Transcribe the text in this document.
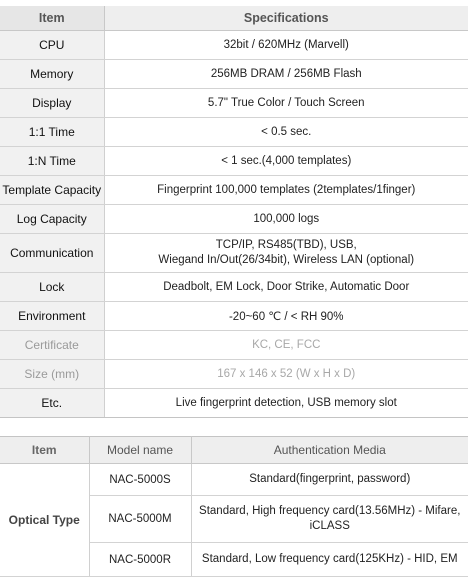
Item	Specifications
CPU	32bit / 620MHz (Marvell)
Memory	256MB DRAM / 256MB Flash
Display	5.7" True Color / Touch Screen
1:1 Time	< 0.5 sec.
1:N Time	< 1 sec.(4,000 templates)
Template Capacity	Fingerprint 100,000 templates (2templates/1finger)
Log Capacity	100,000 logs
Communication	TCP/IP, RS485(TBD), USB,
Wiegand In/Out(26/34bit), Wireless LAN (optional)
Lock	Deadbolt, EM Lock, Door Strike, Automatic Door
Environment	-20~60 ℃ / < RH 90%
Certificate	KC, CE, FCC
Size (mm)	167 x 146 x 52 (W x H x D)
Etc.	Live fingerprint detection, USB memory slot
Item	Model name	Authentication Media
Optical Type	NAC-5000S	Standard(fingerprint, password)
	NAC-5000M	Standard, High frequency card(13.56MHz) - Mifare,
iCLASS
	NAC-5000R	Standard, Low frequency card(125KHz) - HID, EM
